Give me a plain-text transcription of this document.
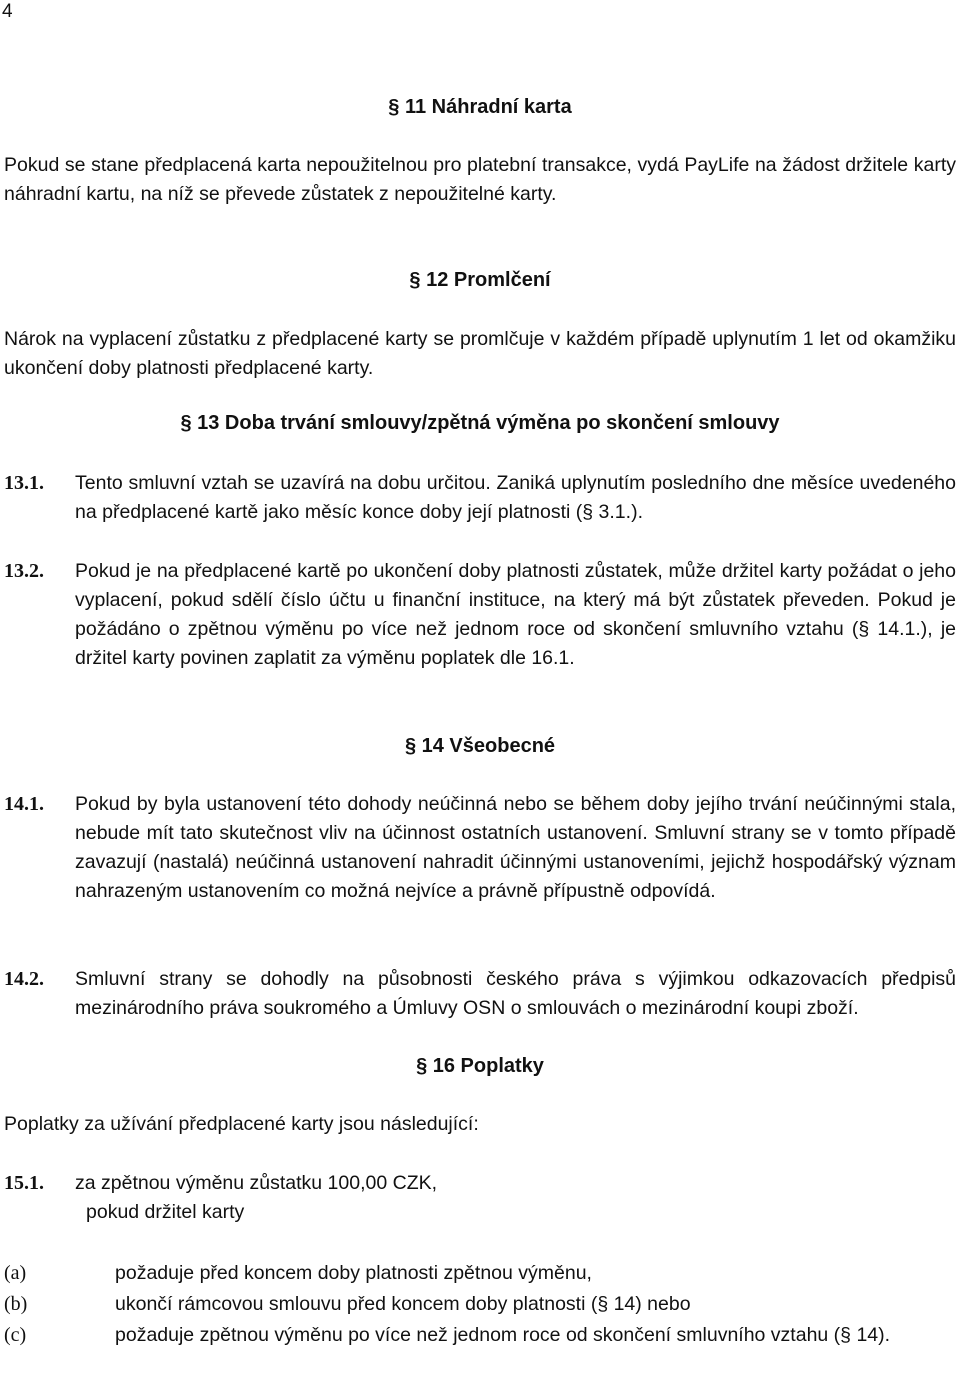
4
§ 11 Náhradní karta
Pokud se stane předplacená karta nepoužitelnou pro platební transakce, vydá PayLife na žádost držitele karty náhradní kartu, na níž se převede zůstatek z nepoužitelné karty.
§ 12 Promlčení
Nárok na vyplacení zůstatku z předplacené karty se promlčuje v každém případě uplynutím 1 let od okamžiku ukončení doby platnosti předplacené karty.
§ 13 Doba trvání smlouvy/zpětná výměna po skončení smlouvy
13.1. Tento smluvní vztah se uzavírá na dobu určitou. Zaniká uplynutím posledního dne měsíce uvedeného na předplacené kartě jako měsíc konce doby její platnosti (§ 3.1.).
13.2. Pokud je na předplacené kartě po ukončení doby platnosti zůstatek, může držitel karty požádat o jeho vyplacení, pokud sdělí číslo účtu u finanční instituce, na který má být zůstatek převeden. Pokud je požádáno o zpětnou výměnu po více než jednom roce od skončení smluvního vztahu (§ 14.1.), je držitel karty povinen zaplatit za výměnu poplatek dle 16.1.
§ 14 Všeobecné
14.1. Pokud by byla ustanovení této dohody neúčinná nebo se během doby jejího trvání neúčinnými stala, nebude mít tato skutečnost vliv na účinnost ostatních ustanovení. Smluvní strany se v tomto případě zavazují (nastalá) neúčinná ustanovení nahradit účinnými ustanoveními, jejichž hospodářský význam nahrazeným ustanovením co možná nejvíce a právně přípustně odpovídá.
14.2. Smluvní strany se dohodly na působnosti českého práva s výjimkou odkazovacích předpisů mezinárodního práva soukromého a Úmluvy OSN o smlouvách o mezinárodní koupi zboží.
§ 16 Poplatky
Poplatky za užívání předplacené karty jsou následující:
15.1. za zpětnou výměnu zůstatku 100,00 CZK,
pokud držitel karty
(a)	požaduje před koncem doby platnosti zpětnou výměnu,
(b)	ukončí rámcovou smlouvu před koncem doby platnosti (§ 14) nebo
(c)	požaduje zpětnou výměnu po více než jednom roce od skončení smluvního vztahu (§ 14).
